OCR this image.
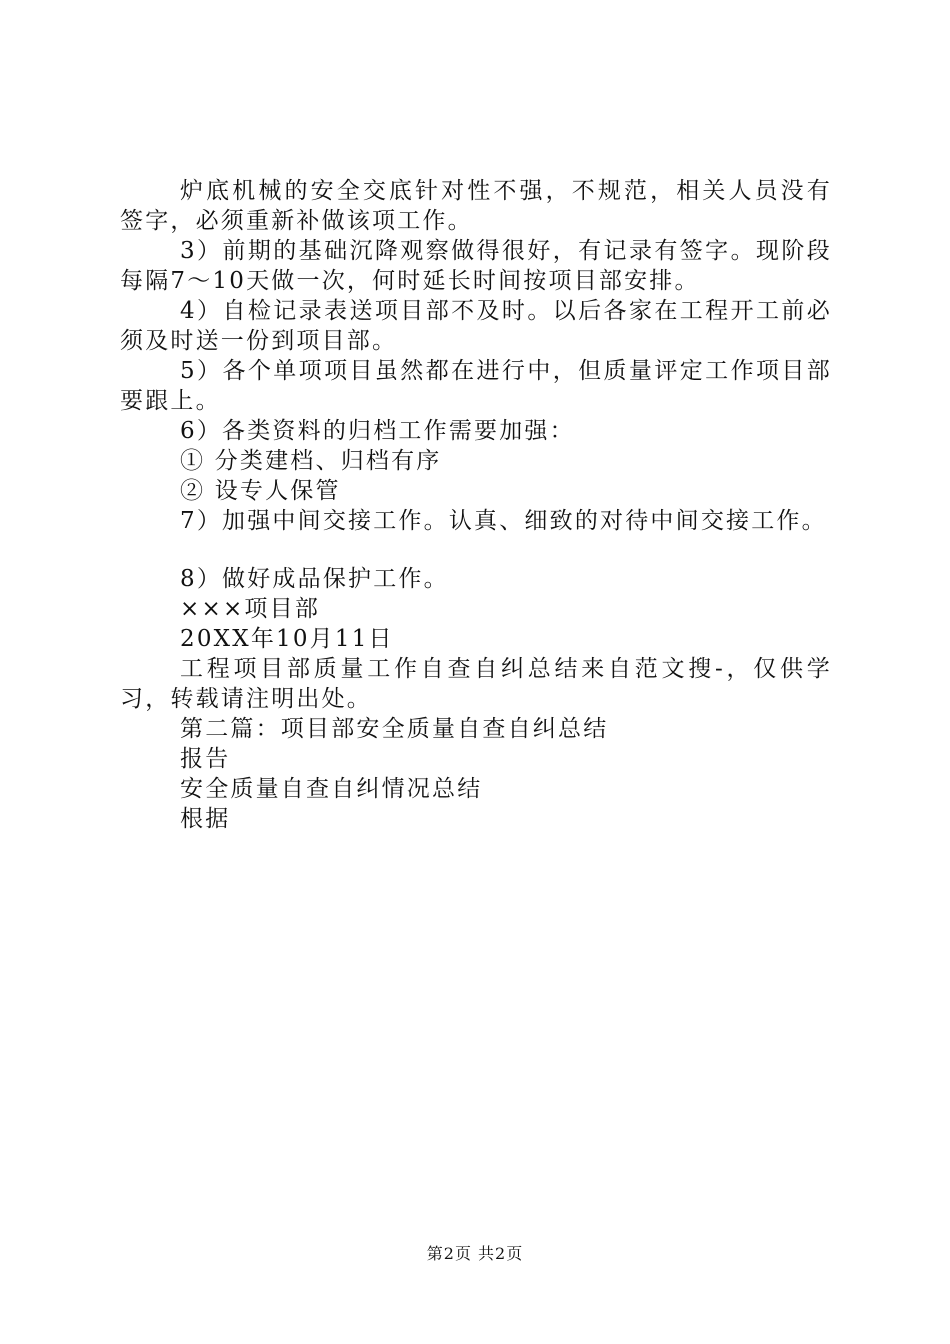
炉底机械的安全交底针对性不强，不规范，相关人员没有签字，必须重新补做该项工作。

3）前期的基础沉降观察做得很好，有记录有签字。现阶段每隔7～10天做一次，何时延长时间按项目部安排。

4）自检记录表送项目部不及时。以后各家在工程开工前必须及时送一份到项目部。

5）各个单项项目虽然都在进行中，但质量评定工作项目部要跟上。

6）各类资料的归档工作需要加强：

① 分类建档、归档有序

② 设专人保管

7）加强中间交接工作。认真、细致的对待中间交接工作。

8）做好成品保护工作。

×××项目部

20XX年10月11日

工程项目部质量工作自查自纠总结来自范文搜-，仅供学习，转载请注明出处。

第二篇：项目部安全质量自查自纠总结

报告

安全质量自查自纠情况总结

根据

第2页 共2页
